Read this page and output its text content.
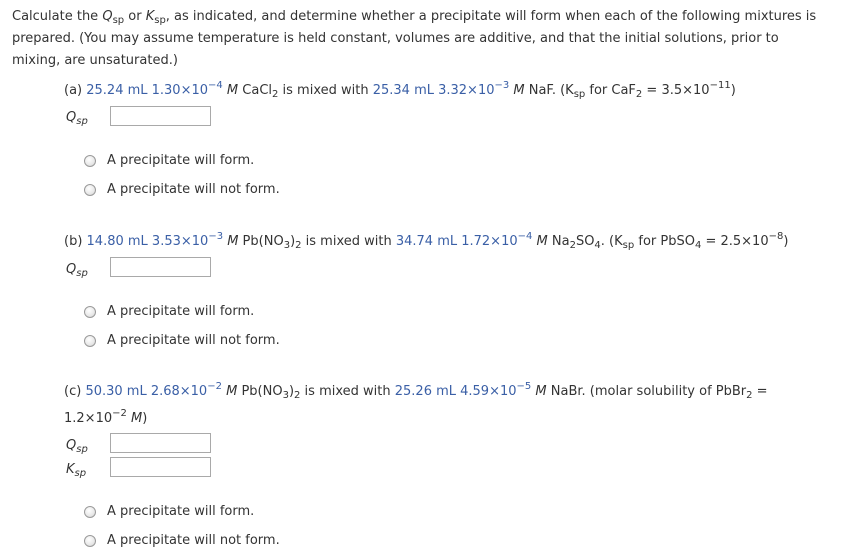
Calculate the $Q_{sp}$ or $K_{sp}$, as indicated, and determine whether a precipitate will form when each of the following mixtures is prepared. (You may assume temperature is held constant, volumes are additive, and that the initial solutions, prior to mixing, are unsaturated.)
(a) 25.24 mL $1.30\times 10^{-4}$ M CaCl$_2$ is mixed with 25.34 mL $3.32\times 10^{-3}$ M NaF. ($K_{sp}$ for $CaF_2 = 3.5\times 10^{-11}$)
$Q_{sp}$
A precipitate will form.
A precipitate will not form.
(b) 14.80 mL $3.53\times 10^{-3}$ M $Pb(NO_3)_2$ is mixed with 34.74 mL $1.72\times 10^{-4}$ M $Na_2SO_4$. ($K_{sp}$ for PbSO$_4$ = $2.5\times 10^{-8}$)
$Q_{sp}$
A precipitate will form.
A precipitate will not form.
(c) 50.30 mL $2.68\times 10^{-2}$ M $Pb(NO_3)_2$ is mixed with 25.26 mL $4.59\times 10^{-5}$ M NaBr. (molar solubility of PbBr$_2$ =
$1.2\times 10^{-2}$ M)
$Q_{sp}$
$K_{sp}$
A precipitate will form.
A precipitate will not form.
